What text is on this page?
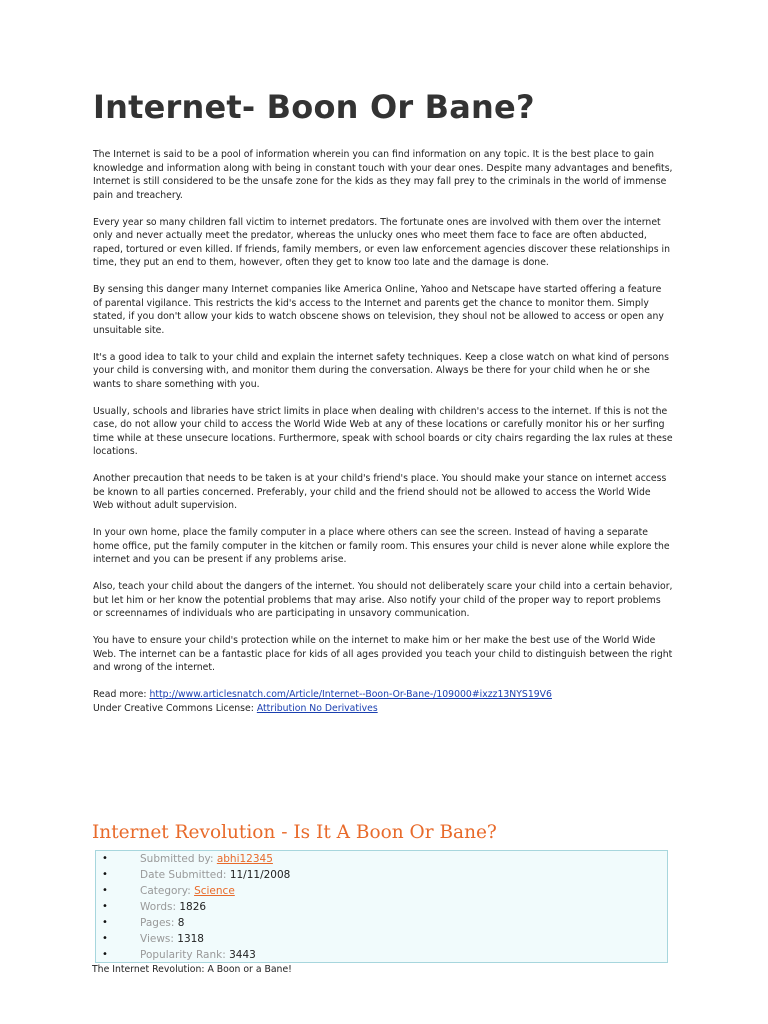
Internet- Boon Or Bane?

The Internet is said to be a pool of information wherein you can find information on any topic. It is the best place to gain knowledge and information along with being in constant touch with your dear ones. Despite many advantages and benefits, Internet is still considered to be the unsafe zone for the kids as they may fall prey to the criminals in the world of immense pain and treachery.

Every year so many children fall victim to internet predators. The fortunate ones are involved with them over the internet only and never actually meet the predator, whereas the unlucky ones who meet them face to face are often abducted, raped, tortured or even killed. If friends, family members, or even law enforcement agencies discover these relationships in time, they put an end to them, however, often they get to know too late and the damage is done.

By sensing this danger many Internet companies like America Online, Yahoo and Netscape have started offering a feature of parental vigilance. This restricts the kid's access to the Internet and parents get the chance to monitor them. Simply stated, if you don't allow your kids to watch obscene shows on television, they shoul not be allowed to access or open any unsuitable site.

It's a good idea to talk to your child and explain the internet safety techniques. Keep a close watch on what kind of persons your child is conversing with, and monitor them during the conversation. Always be there for your child when he or she wants to share something with you.

Usually, schools and libraries have strict limits in place when dealing with children's access to the internet. If this is not the case, do not allow your child to access the World Wide Web at any of these locations or carefully monitor his or her surfing time while at these unsecure locations. Furthermore, speak with school boards or city chairs regarding the lax rules at these locations.

Another precaution that needs to be taken is at your child's friend's place. You should make your stance on internet access be known to all parties concerned. Preferably, your child and the friend should not be allowed to access the World Wide Web without adult supervision.

In your own home, place the family computer in a place where others can see the screen. Instead of having a separate home office, put the family computer in the kitchen or family room. This ensures your child is never alone while explore the internet and you can be present if any problems arise.

Also, teach your child about the dangers of the internet. You should not deliberately scare your child into a certain behavior, but let him or her know the potential problems that may arise. Also notify your child of the proper way to report problems or screennames of individuals who are participating in unsavory communication.

You have to ensure your child's protection while on the internet to make him or her make the best use of the World Wide Web. The internet can be a fantastic place for kids of all ages provided you teach your child to distinguish between the right and wrong of the internet.

Read more: http://www.articlesnatch.com/Article/Internet--Boon-Or-Bane-/109000#ixzz13NYS19V6
Under Creative Commons License: Attribution No Derivatives
Internet Revolution - Is It A Boon Or Bane?
•	Submitted by: abhi12345
•	Date Submitted: 11/11/2008
•	Category: Science
•	Words: 1826
•	Pages: 8
•	Views: 1318
•	Popularity Rank: 3443

The Internet Revolution: A Boon or a Bane!
